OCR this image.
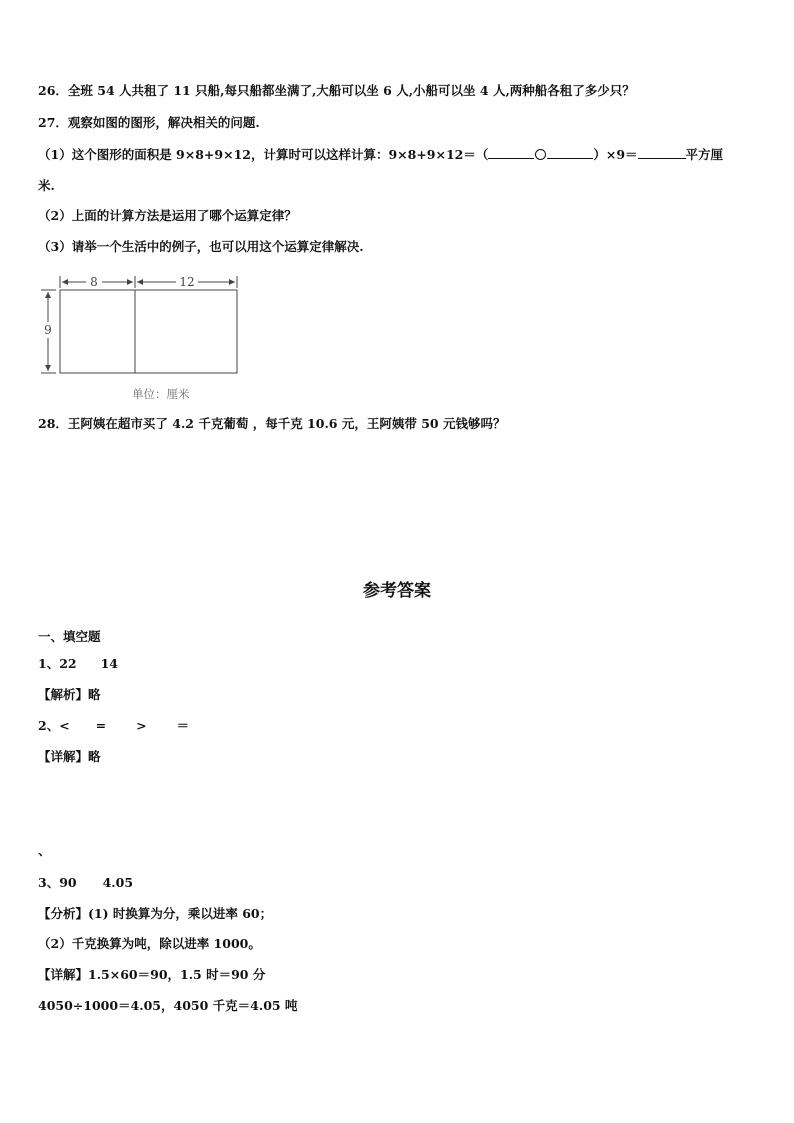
26．全班 54 人共租了 11 只船,每只船都坐满了,大船可以坐 6 人,小船可以坐 4 人,两种船各租了多少只？

27．观察如图的图形，解决相关的问题.

（1）这个图形的面积是 9×8+9×12，计算时可以这样计算：9×8+9×12＝（	）×9＝	平方厘

米.

（2）上面的计算方法是运用了哪个运算定律？

（3）请举一个生活中的例子，也可以用这个运算定律解决.

8	12
9
单位：厘米

28．王阿姨在超市买了 4.2 千克葡萄 ，每千克 10.6 元，王阿姨带 50 元钱够吗？

参考答案

一、填空题

1、22 14

【解析】略

2、< = > ＝

【详解】略

、

3、90 4.05

【分析】(1) 时换算为分，乘以进率 60；

（2）千克换算为吨，除以进率 1000。

【详解】1.5×60＝90，1.5 时＝90 分

4050÷1000＝4.05，4050 千克＝4.05 吨
